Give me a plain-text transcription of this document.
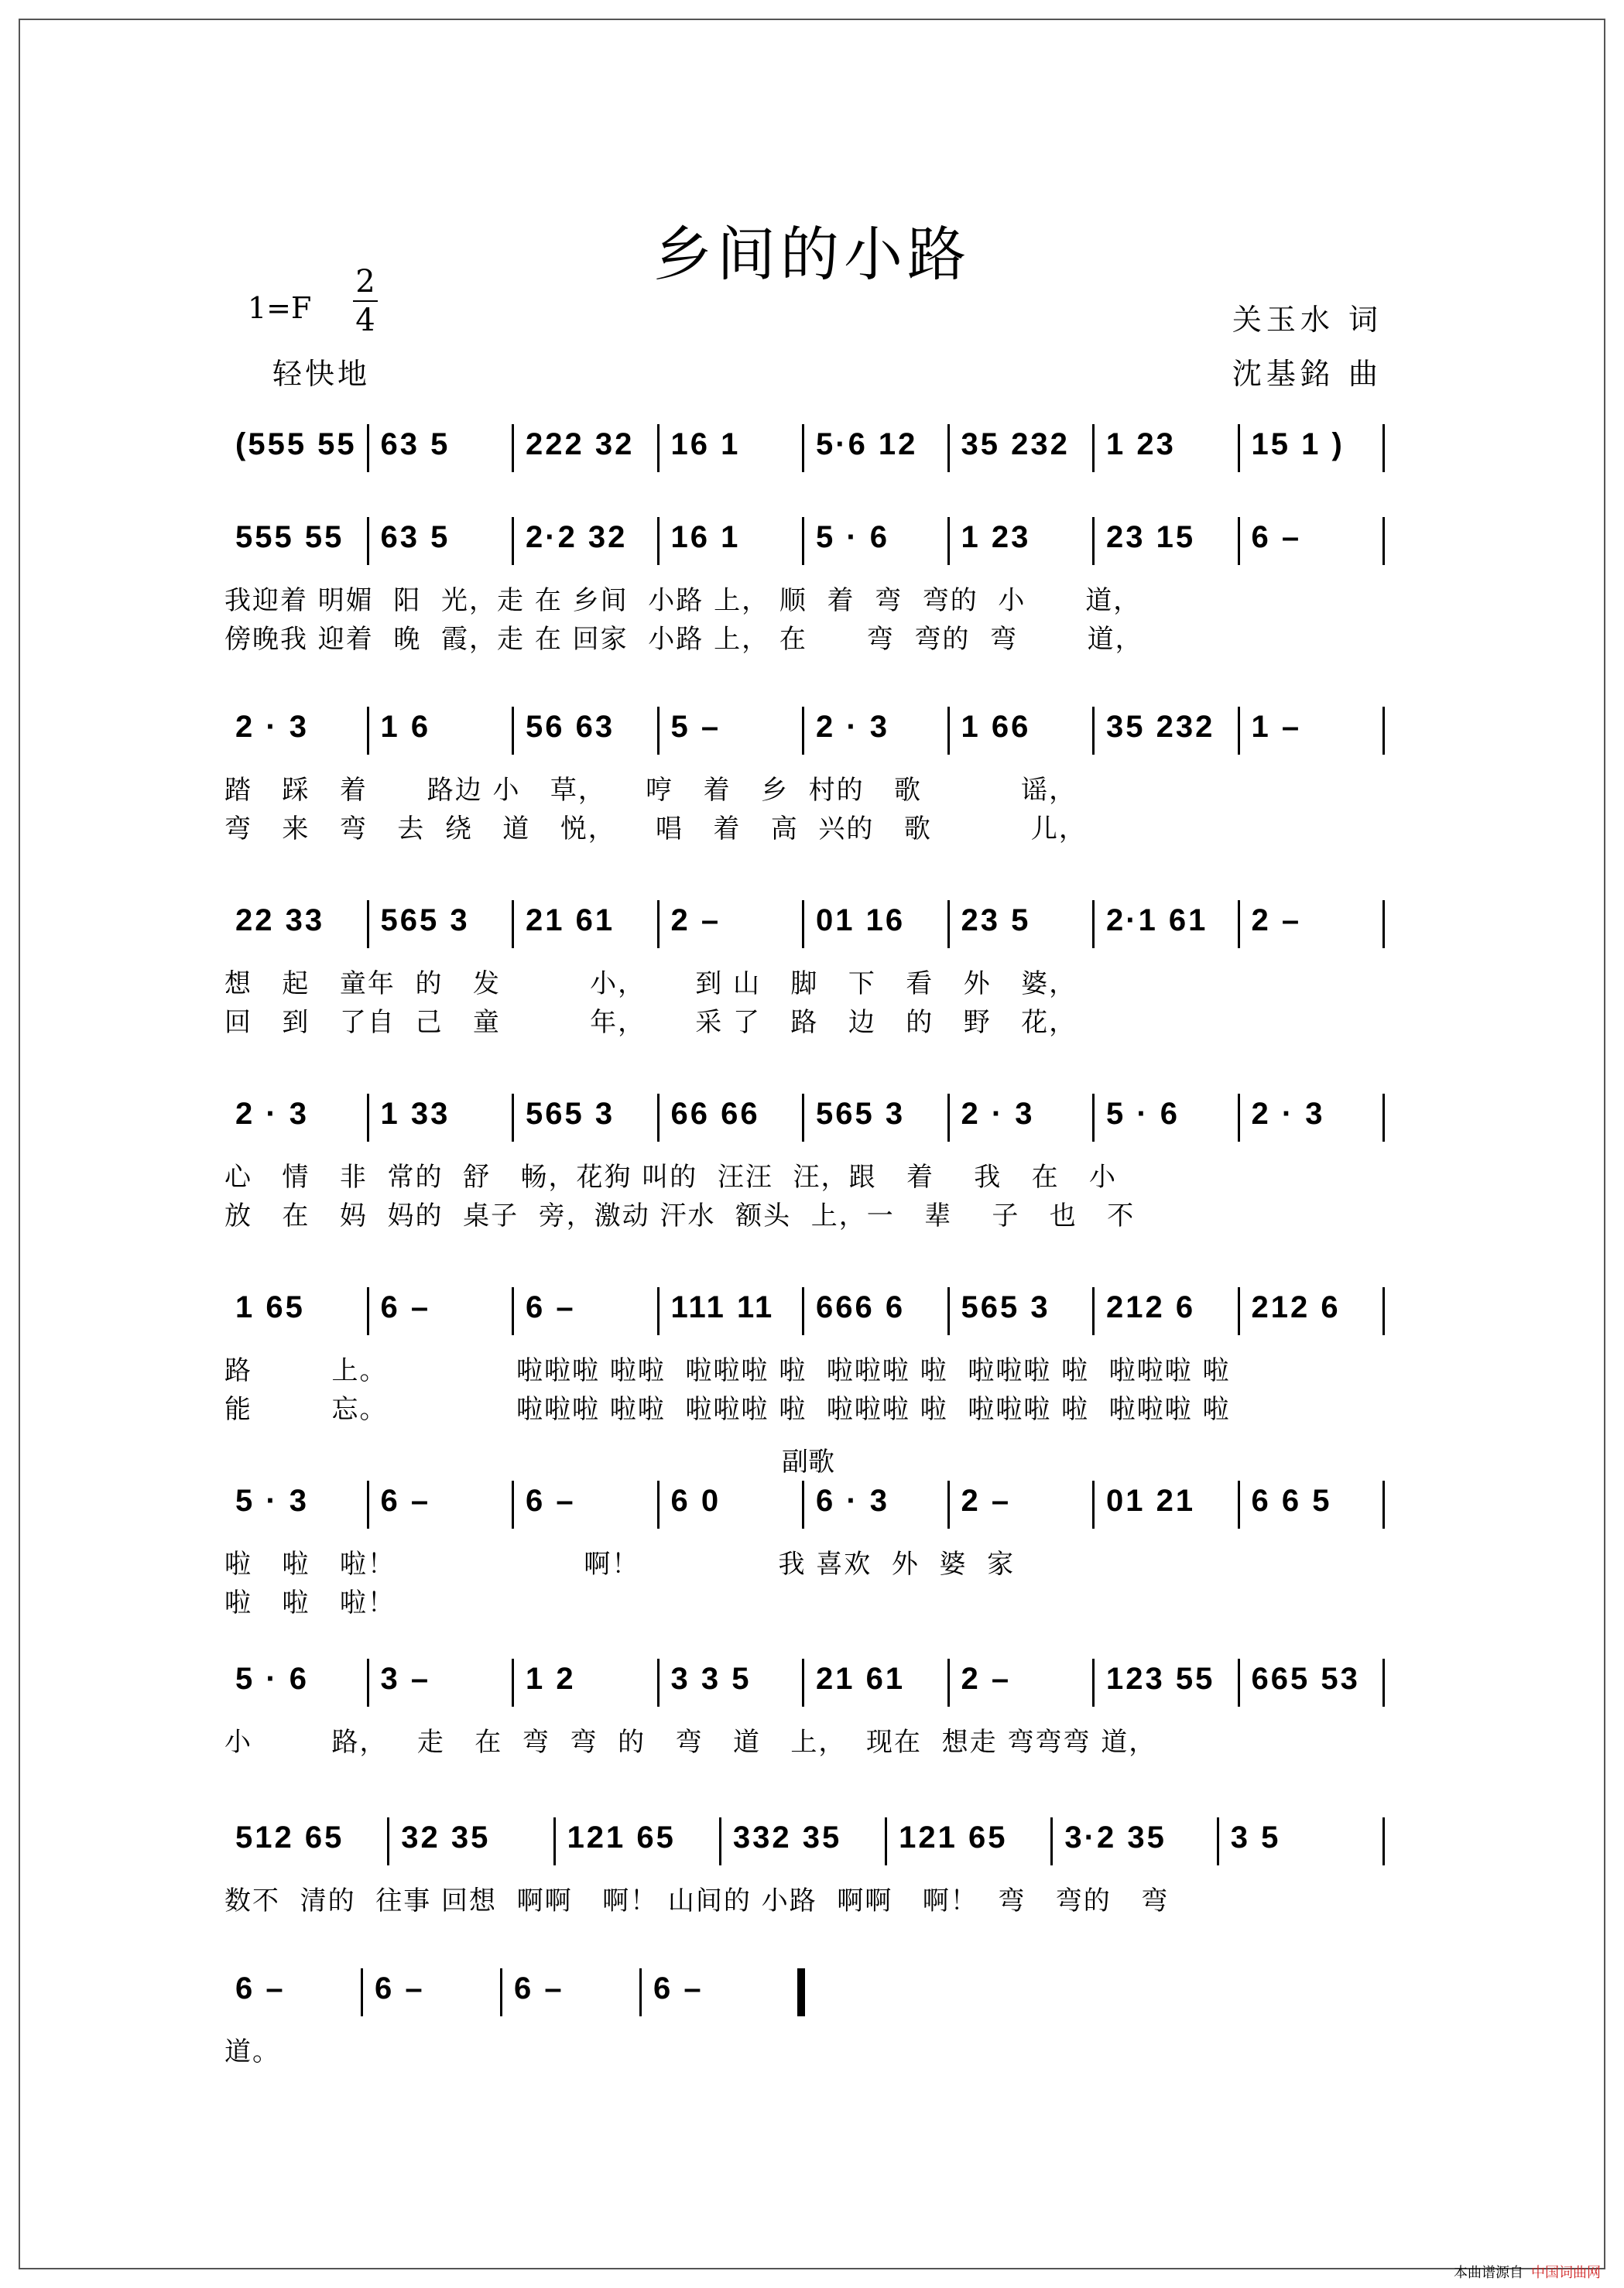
乡间的小路
1=F
2
4
轻快地
关玉水 词
沈基銘 曲
(555 55 63 5 222 32 16 1 5·6 12 35 232 1 23 15 1 )
555 55 63 5 2·2 32 16 1 5 · 6 1 23 23 15 6 –
我迎着 明媚  阳  光，走 在 乡间  小路 上， 顺  着  弯  弯的  小      道，
傍晚我 迎着  晚  霞，走 在 回家  小路 上， 在      弯  弯的  弯       道，
2 · 3 1 6	56 63 5 –	2 · 3 1 66 35 232 1 –
踏   踩   着      路边 小   草，    哼   着   乡  村的   歌          谣，
弯   来   弯   去  绕   道   悦，    唱   着   高  兴的   歌          儿，
22 33 565 3 21 61 2 –	01 16 23 5 2·1 61 2 –
想   起   童年  的   发         小，     到 山   脚   下   看   外   婆，
回   到   了自  己   童         年，     采 了   路   边   的   野   花，
2 · 3 1 33 565 3 66 66 565 3 2 · 3 5 · 6 2 · 3
心   情   非  常的  舒   畅，花狗 叫的  汪汪  汪，跟   着    我   在   小
放   在   妈  妈的  桌子  旁，激动 汗水  额头  上，一   辈    子   也   不
1 65 6 –	6 –	111 11 666 6 565 3 212 6 212 6
路        上。             啦啦啦 啦啦  啦啦啦 啦  啦啦啦 啦  啦啦啦 啦  啦啦啦 啦
能        忘。             啦啦啦 啦啦  啦啦啦 啦  啦啦啦 啦  啦啦啦 啦  啦啦啦 啦
5 · 3 6 –	6 –	6 0	6 · 3 2 –	01 21 6 6 5
副歌
啦   啦   啦！                   啊！              我 喜欢  外  婆  家
啦   啦   啦！
5 · 6 3 –	1 2	3 3 5 21 61 2 –	123 55 665 53
小        路，   走   在  弯  弯  的   弯   道   上，  现在  想走 弯弯弯 道，
512 65 32 35 121 65 332 35 121 65 3·2 35 3 5
数不  清的  往事 回想  啊啊   啊！ 山间的 小路  啊啊   啊！  弯   弯的   弯
6 –	6 –	6 –	6 –
道。
本曲谱源自 中国词曲网
